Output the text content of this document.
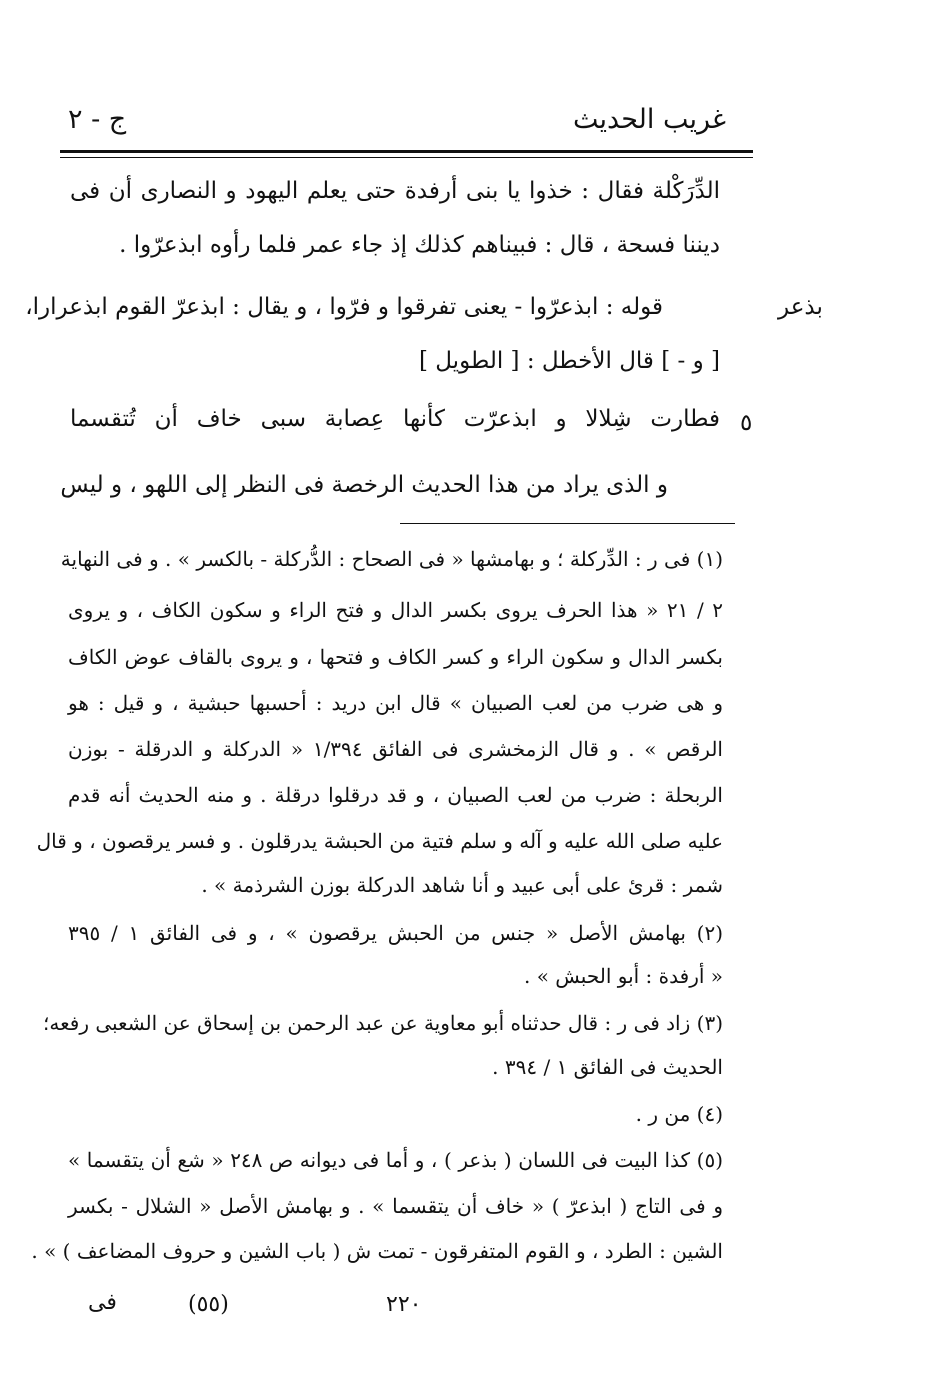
غريب الحديث
ج - ٢
الدِّرَكْلة فقال : خذوا يا بنى أرفدة حتى يعلم اليهود و النصارى أن فى
ديننا فسحة ، قال : فبيناهم كذلك إذ جاء عمر فلما رأوه ابذعرّوا .
بذعر
قوله : ابذعرّوا - يعنى تفرقوا و فرّوا ، و يقال : ابذعرّ القوم ابذعرارا،
[ و - ] قال الأخطل : [ الطويل ]
٥
فطارت شِلالا و ابذعرّت كأنها عِصابة سبى خاف أن تُتقسما
و الذى يراد من هذا الحديث الرخصة فى النظر إلى اللهو ، و ليس
(١) فى ر : الدِّركلة ؛ و بهامشها « فى الصحاح : الدُّركلة - بالكسر » . و فى النهاية
٢ / ٢١ « هذا الحرف يروى بكسر الدال و فتح الراء و سكون الكاف ، و يروى
بكسر الدال و سكون الراء و كسر الكاف و فتحها ، و يروى بالقاف عوض الكاف
و هى ضرب من لعب الصبيان » قال ابن دريد : أحسبها حبشية ، و قيل : هو
الرقص » . و قال الزمخشرى فى الفائق ١/٣٩٤ « الدركلة و الدرقلة - بوزن
الربحلة : ضرب من لعب الصبيان ، و قد درقلوا درقلة . و منه الحديث أنه قدم
عليه صلى الله عليه و آله و سلم فتية من الحبشة يدرقلون . و فسر يرقصون ، و قال
شمر : قرئ على أبى عبيد و أنا شاهد الدركلة بوزن الشرذمة » .
(٢) بهامش الأصل « جنس من الحبش يرقصون » ، و فى الفائق ١ / ٣٩٥
« أرفدة : أبو الحبش » .
(٣) زاد فى ر : قال حدثناه أبو معاوية عن عبد الرحمن بن إسحاق عن الشعبى رفعه؛
الحديث فى الفائق ١ / ٣٩٤ .
(٤) من ر .
(٥) كذا البيت فى اللسان ( بذعر ) ، و أما فى ديوانه ص ٢٤٨ « شع أن يتقسما »
و فى التاج ( ابذعرّ ) « خاف أن يتقسما » . و بهامش الأصل « الشلال - بكسر
الشين : الطرد ، و القوم المتفرقون - تمت ش ( باب الشين و حروف المضاعف ) » .
فى	(٥٥)	٢٢٠
